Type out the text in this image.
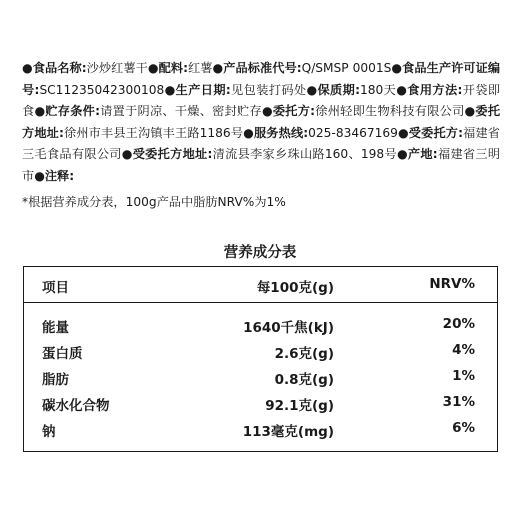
●食品名称:沙炒红薯干●配料:红薯●产品标准代号:Q/SMSP 0001S●食品生产许可证编号:SC11235042300108●生产日期:见包装打码处●保质期:180天●食用方法:开袋即食●贮存条件:请置于阴凉、干燥、密封贮存●委托方:徐州轻即生物科技有限公司●委托方地址:徐州市丰县王沟镇丰王路1186号●服务热线:025-83467169●受委托方:福建省三毛食品有限公司●受委托方地址:清流县李家乡珠山路160、198号●产地:福建省三明市●注释:
*根据营养成分表，100g产品中脂肪NRV%为1%
营养成分表
项目	每100克(g)	NRV%
能量	1640千焦(kJ)	20%
蛋白质	2.6克(g)	4%
脂肪	0.8克(g)	1%
碳水化合物	92.1克(g)	31%
钠	113毫克(mg)	6%
